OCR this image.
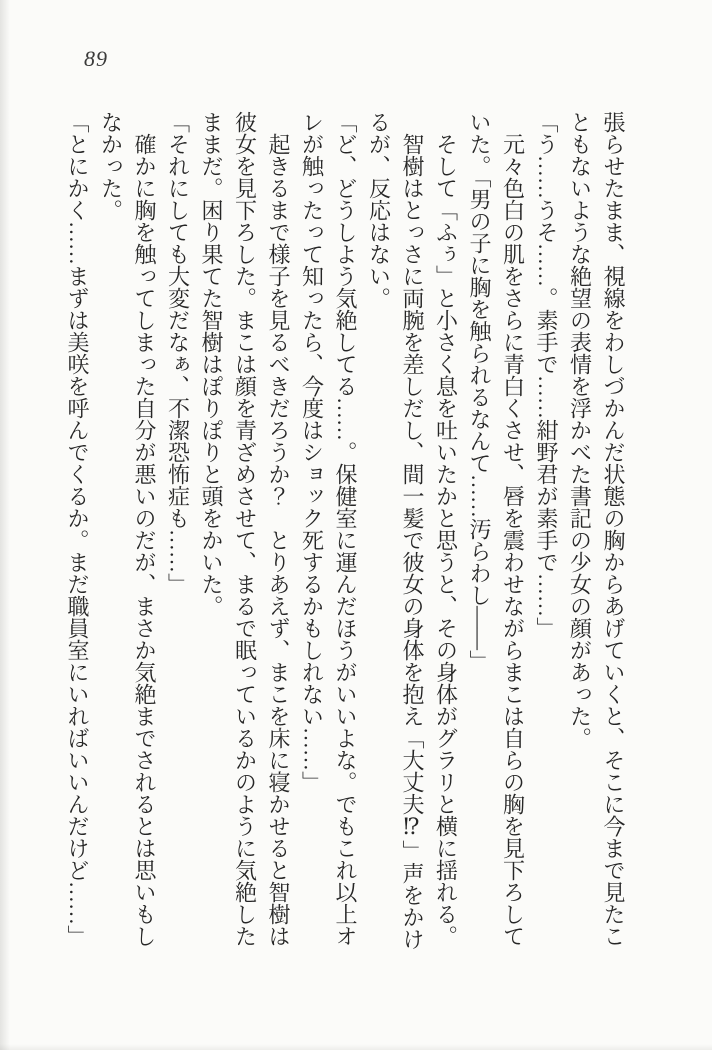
89

張らせたまま、視線をわしづかんだ状態の胸からあげていくと、そこに今まで見たこともないような絶望の表情を浮かべた書記の少女の顔があった。

「う……うそ……。素手で……紺野君が素手で……」

元々色白の肌をさらに青白くさせ、唇を震わせながらまこは自らの胸を見下ろしていた。「男の子に胸を触られるなんて……汚らわし――」

そして「ふぅ」と小さく息を吐いたかと思うと、その身体がグラリと横に揺れる。

智樹はとっさに両腕を差しだし、間一髪で彼女の身体を抱え「大丈夫⁉」声をかけるが、反応はない。

「ど、どうしよう気絶してる……。保健室に運んだほうがいいよな。でもこれ以上オレが触ったって知ったら、今度はショック死するかもしれない……」

起きるまで様子を見るべきだろうか？　とりあえず、まこを床に寝かせると智樹は彼女を見下ろした。まこは顔を青ざめさせて、まるで眠っているかのように気絶したままだ。困り果てた智樹はぽりぽりと頭をかいた。

「それにしても大変だなぁ、不潔恐怖症も……」

確かに胸を触ってしまった自分が悪いのだが、まさか気絶までされるとは思いもしなかった。

「とにかく……まずは美咲を呼んでくるか。まだ職員室にいればいいんだけど……」
